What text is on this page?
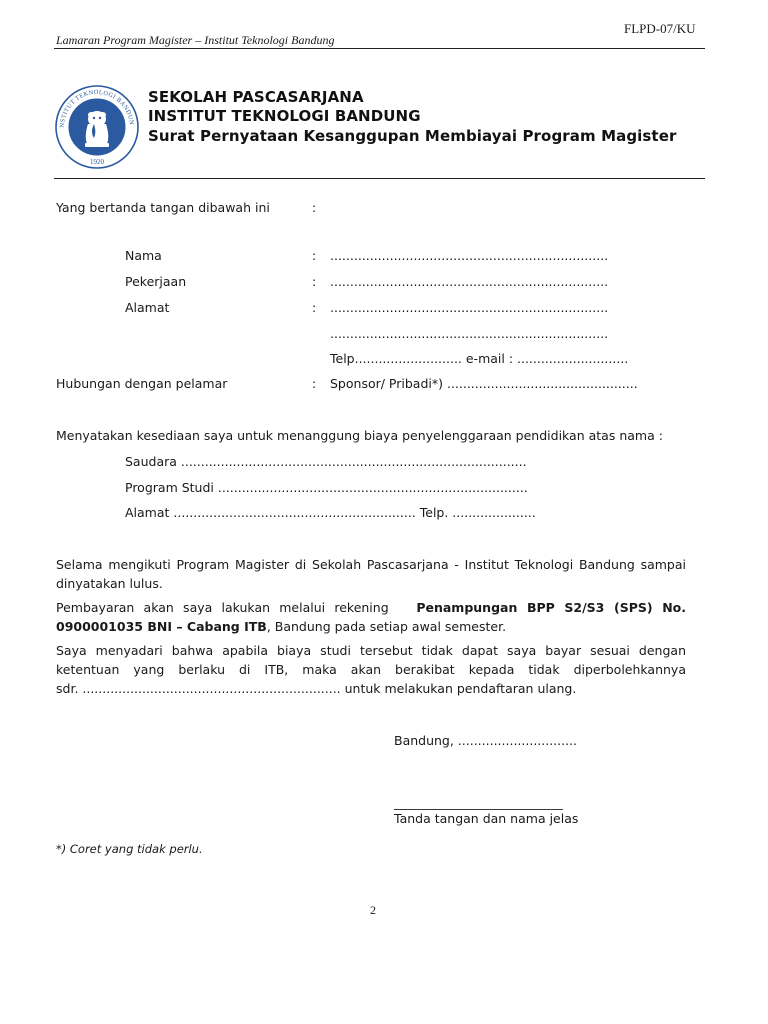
FLPD-07/KU
Lamaran Program Magister – Institut Teknologi Bandung
1920
NSTITUT TEKNOLOGI BANDUN
SEKOLAH PASCASARJANA
INSTITUT TEKNOLOGI BANDUNG
Surat Pernyataan Kesanggupan Membiayai Program Magister
Yang bertanda tangan dibawah ini	:
Nama	: ......................................................................
Pekerjaan	: ......................................................................
Alamat	: ......................................................................
......................................................................
Telp........................... e-mail : ............................
Hubungan dengan pelamar	: Sponsor/ Pribadi*) ................................................
Menyatakan kesediaan saya untuk menanggung biaya penyelenggaraan pendidikan atas nama :
Saudara .......................................................................................
Program Studi ..............................................................................
Alamat ............................................................. Telp. .....................
Selama mengikuti Program Magister di Sekolah Pascasarjana - Institut Teknologi Bandung sampai
dinyatakan lulus.
Pembayaran akan saya lakukan melalui rekening Penampungan BPP S2/S3 (SPS) No.
0900001035 BNI – Cabang ITB, Bandung pada setiap awal semester.
Saya menyadari bahwa apabila biaya studi tersebut tidak dapat saya bayar sesuai dengan
ketentuan yang berlaku di ITB, maka akan berakibat kepada tidak diperbolehkannya
sdr. ................................................................. untuk melakukan pendaftaran ulang.
Bandung, ..............................
___________________________
Tanda tangan dan nama jelas
*) Coret yang tidak perlu.
2
